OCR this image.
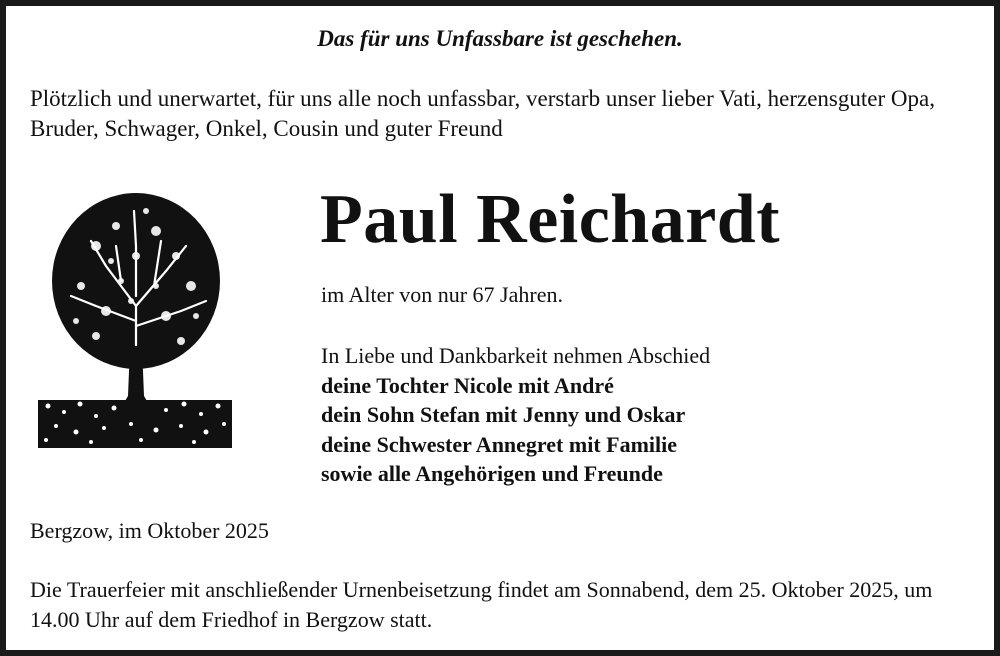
Das für uns Unfassbare ist geschehen.
Plötzlich und unerwartet, für uns alle noch unfassbar, verstarb unser lieber Vati, herzensguter Opa, Bruder, Schwager, Onkel, Cousin und guter Freund
Paul Reichardt
im Alter von nur 67 Jahren.
In Liebe und Dankbarkeit nehmen Abschied
deine Tochter Nicole mit André
dein Sohn Stefan mit Jenny und Oskar
deine Schwester Annegret mit Familie
sowie alle Angehörigen und Freunde
Bergzow, im Oktober 2025
Die Trauerfeier mit anschließender Urnenbeisetzung findet am Sonnabend, dem 25. Oktober 2025, um 14.00 Uhr auf dem Friedhof in Bergzow statt.
